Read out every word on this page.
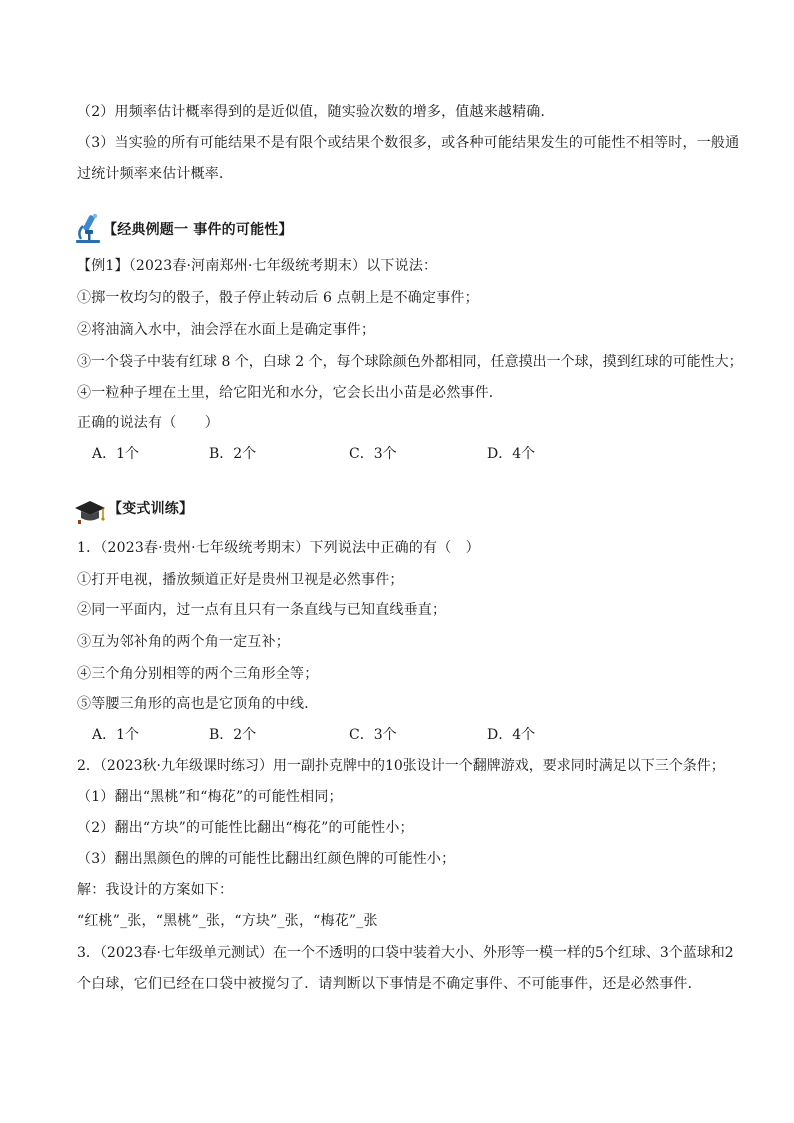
（2）用频率估计概率得到的是近似值，随实验次数的增多，值越来越精确．
（3）当实验的所有可能结果不是有限个或结果个数很多，或各种可能结果发生的可能性不相等时，一般通
过统计频率来估计概率．
【经典例题一 事件的可能性】
【例1】（2023春·河南郑州·七年级统考期末）以下说法：
①掷一枚均匀的骰子，骰子停止转动后 6 点朝上是不确定事件；
②将油滴入水中，油会浮在水面上是确定事件；
③一个袋子中装有红球 8 个，白球 2 个，每个球除颜色外都相同，任意摸出一个球，摸到红球的可能性大；
④一粒种子埋在土里，给它阳光和水分，它会长出小苗是必然事件．
正确的说法有（　　）
A．1个	B．2个	C．3个	D．4个
【变式训练】
1．（2023春·贵州·七年级统考期末）下列说法中正确的有（　）
①打开电视，播放频道正好是贵州卫视是必然事件；
②同一平面内，过一点有且只有一条直线与已知直线垂直；
③互为邻补角的两个角一定互补；
④三个角分别相等的两个三角形全等；
⑤等腰三角形的高也是它顶角的中线．
A．1个	B．2个	C．3个	D．4个
2．（2023秋·九年级课时练习）用一副扑克牌中的10张设计一个翻牌游戏，要求同时满足以下三个条件；
（1）翻出“黑桃”和“梅花”的可能性相同；
（2）翻出“方块”的可能性比翻出“梅花”的可能性小；
（3）翻出黑颜色的牌的可能性比翻出红颜色牌的可能性小；
解：我设计的方案如下：
“红桃”_张，“黑桃”_张，“方块”_张，“梅花”_张
3．（2023春·七年级单元测试）在一个不透明的口袋中装着大小、外形等一模一样的5个红球、3个蓝球和2
个白球，它们已经在口袋中被搅匀了．请判断以下事情是不确定事件、不可能事件，还是必然事件．
